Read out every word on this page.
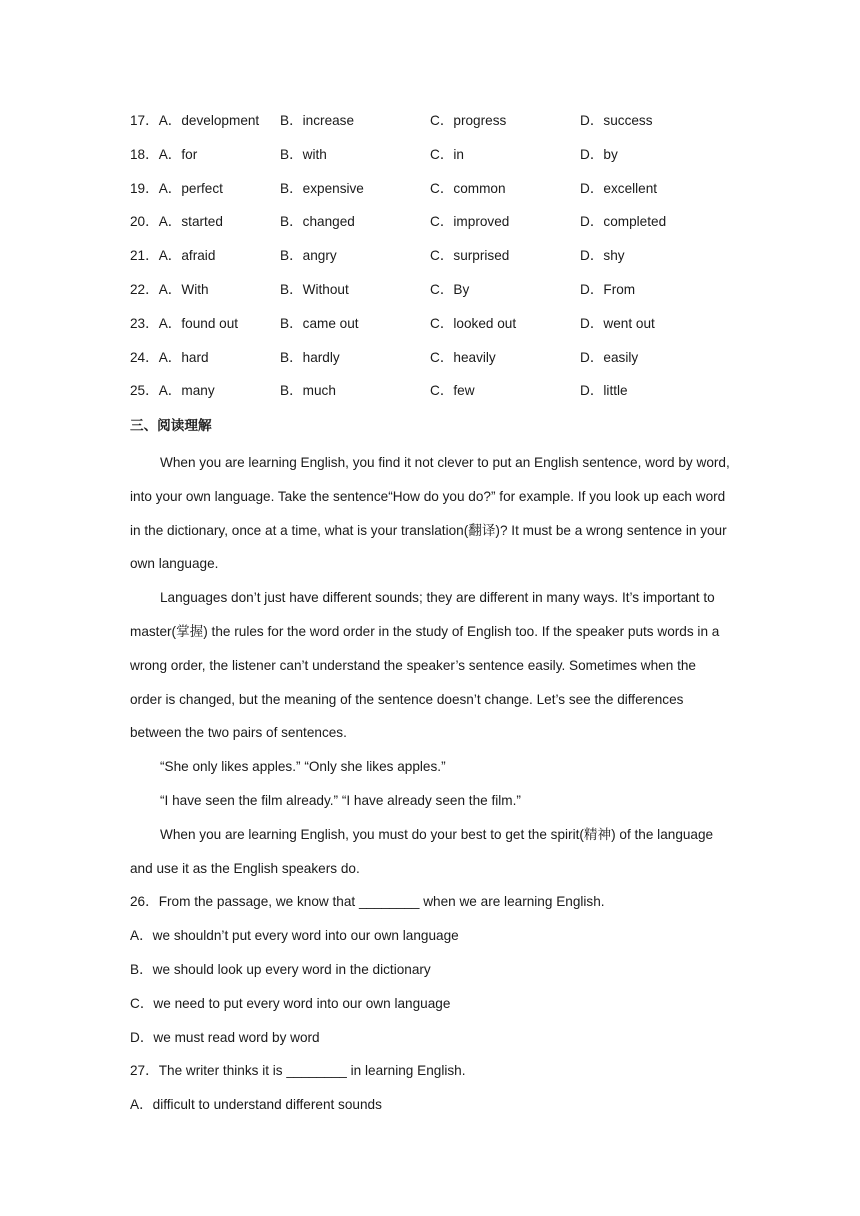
17．A．development	B．increase	C．progress	D．success
18．A．for	B．with	C．in	D．by
19．A．perfect	B．expensive	C．common	D．excellent
20．A．started	B．changed	C．improved	D．completed
21．A．afraid	B．angry	C．surprised	D．shy
22．A．With	B．Without	C．By	D．From
23．A．found out	B．came out	C．looked out	D．went out
24．A．hard	B．hardly	C．heavily	D．easily
25．A．many	B．much	C．few	D．little
三、阅读理解

When you are learning English, you find it not clever to put an English sentence, word by word, into your own language. Take the sentence“How do you do?” for example. If you look up each word in the dictionary, once at a time, what is your translation(翻译)? It must be a wrong sentence in your own language.

Languages don’t just have different sounds; they are different in many ways. It’s important to master(掌握) the rules for the word order in the study of English too. If the speaker puts words in a wrong order, the listener can’t understand the speaker’s sentence easily. Sometimes when the order is changed, but the meaning of the sentence doesn’t change. Let’s see the differences between the two pairs of sentences.

“She only likes apples.” “Only she likes apples.”

“I have seen the film already.” “I have already seen the film.”

When you are learning English, you must do your best to get the spirit(精神) of the language and use it as the English speakers do.

26．From the passage, we know that ________ when we are learning English.
A．we shouldn’t put every word into our own language
B．we should look up every word in the dictionary
C．we need to put every word into our own language
D．we must read word by word
27．The writer thinks it is ________ in learning English.
A．difficult to understand different sounds
